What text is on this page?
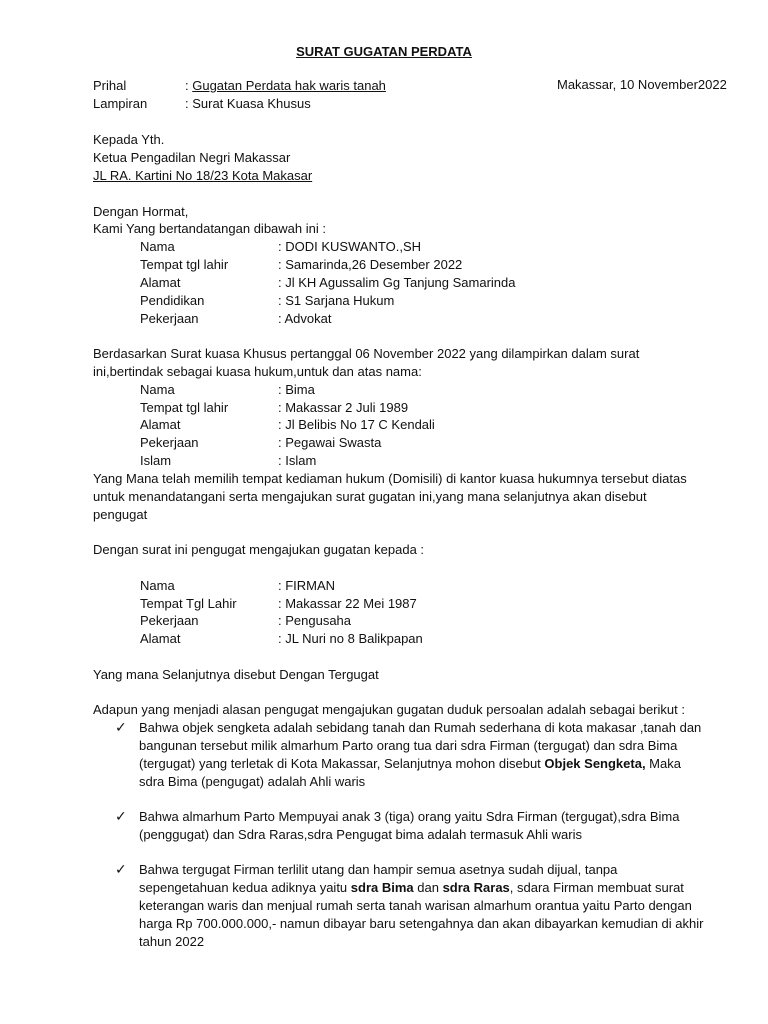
SURAT GUGATAN PERDATA
Prihal	: Gugatan Perdata hak waris tanah	Makassar, 10 November2022
Lampiran	: Surat Kuasa Khusus
Kepada Yth.
Ketua Pengadilan Negri Makassar
JL RA. Kartini No 18/23 Kota Makasar
Dengan Hormat,
Kami Yang bertandatangan dibawah ini :
Nama	: DODI KUSWANTO.,SH
Tempat tgl lahir	: Samarinda,26 Desember 2022
Alamat	: Jl KH Agussalim Gg Tanjung Samarinda
Pendidikan	: S1 Sarjana Hukum
Pekerjaan	: Advokat
Berdasarkan Surat kuasa Khusus pertanggal 06 November 2022 yang dilampirkan dalam surat
ini,bertindak sebagai kuasa hukum,untuk dan atas nama:
Nama	: Bima
Tempat tgl lahir	: Makassar 2 Juli 1989
Alamat	: Jl Belibis No 17 C Kendali
Pekerjaan	: Pegawai Swasta
Islam	: Islam
Yang Mana telah memilih tempat kediaman hukum (Domisili) di kantor kuasa hukumnya tersebut diatas
untuk menandatangani serta mengajukan surat gugatan ini,yang mana selanjutnya akan disebut
pengugat
Dengan surat ini pengugat mengajukan gugatan kepada :
Nama	: FIRMAN
Tempat Tgl Lahir	: Makassar 22 Mei 1987
Pekerjaan	: Pengusaha
Alamat	: JL Nuri no 8 Balikpapan
Yang mana Selanjutnya disebut Dengan Tergugat
Adapun yang menjadi alasan pengugat mengajukan gugatan duduk persoalan adalah sebagai berikut :
✓ Bahwa objek sengketa adalah sebidang tanah dan Rumah sederhana di kota makasar ,tanah dan
bangunan tersebut milik almarhum Parto orang tua dari sdra Firman (tergugat) dan sdra Bima
(tergugat) yang terletak di Kota Makassar, Selanjutnya mohon disebut Objek Sengketa, Maka
sdra Bima (pengugat) adalah Ahli waris
✓ Bahwa almarhum Parto Mempuyai anak 3 (tiga) orang yaitu Sdra Firman (tergugat),sdra Bima
(penggugat) dan Sdra Raras,sdra Pengugat bima adalah termasuk Ahli waris
✓ Bahwa tergugat Firman terlilit utang dan hampir semua asetnya sudah dijual, tanpa
sepengetahuan kedua adiknya yaitu sdra Bima dan sdra Raras, sdara Firman membuat surat
keterangan waris dan menjual rumah serta tanah warisan almarhum orantua yaitu Parto dengan
harga Rp 700.000.000,- namun dibayar baru setengahnya dan akan dibayarkan kemudian di akhir
tahun 2022
